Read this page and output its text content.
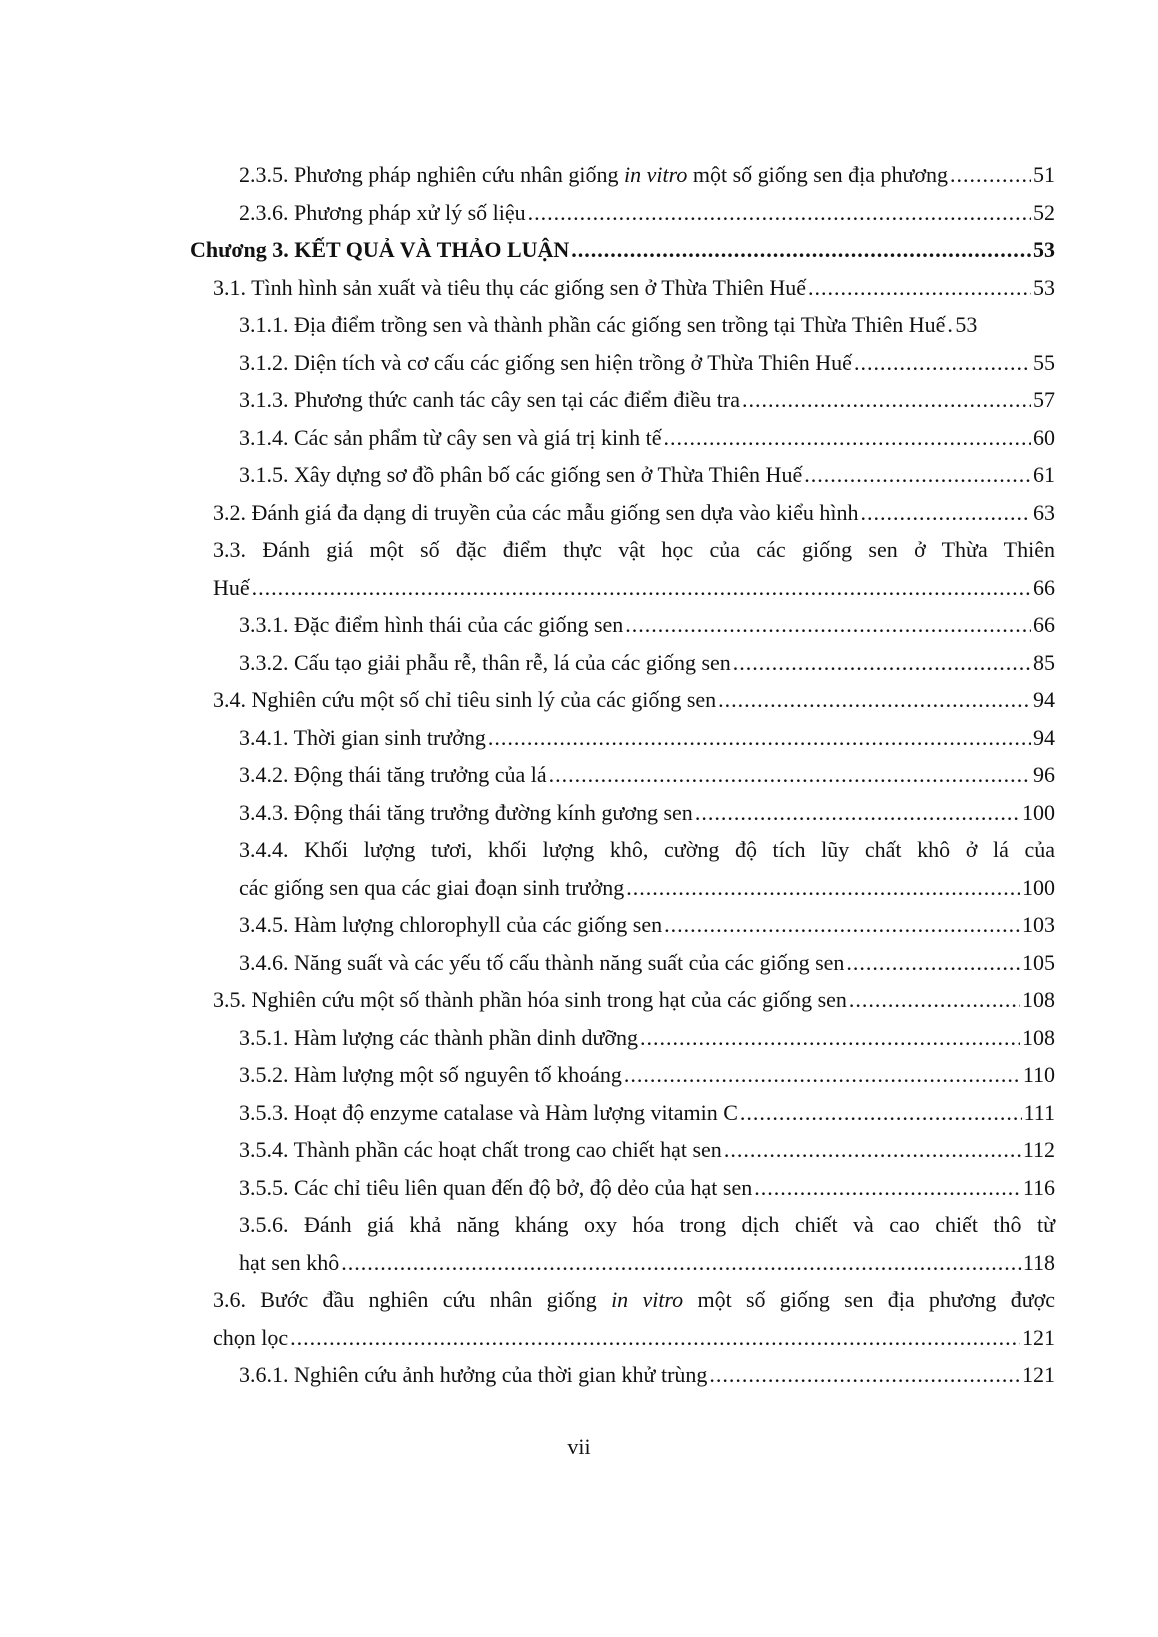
2.3.5. Phương pháp nghiên cứu nhân giống in vitro một số giống sen địa phương .....	51
2.3.6. Phương pháp xử lý số liệu .....	52
Chương 3. KẾT QUẢ VÀ THẢO LUẬN .....	53
3.1. Tình hình sản xuất và tiêu thụ các giống sen ở Thừa Thiên Huế .....	53
3.1.1. Địa điểm trồng sen và thành phần các giống sen trồng tại Thừa Thiên Huế ..... 53
3.1.2. Diện tích và cơ cấu các giống sen hiện trồng ở Thừa Thiên Huế .....	55
3.1.3. Phương thức canh tác cây sen tại các điểm điều tra .....	57
3.1.4. Các sản phẩm từ cây sen và giá trị kinh tế .....	60
3.1.5. Xây dựng sơ đồ phân bố các giống sen ở Thừa Thiên Huế .....	61
3.2. Đánh giá đa dạng di truyền của các mẫu giống sen dựa vào kiểu hình .....	63
3.3. Đánh giá một số đặc điểm thực vật học của các giống sen ở Thừa Thiên
Huế .....	66
3.3.1. Đặc điểm hình thái của các giống sen .....	66
3.3.2. Cấu tạo giải phẫu rễ, thân rễ, lá của các giống sen .....	85
3.4. Nghiên cứu một số chỉ tiêu sinh lý của các giống sen .....	94
3.4.1. Thời gian sinh trưởng .....	94
3.4.2. Động thái tăng trưởng của lá .....	96
3.4.3. Động thái tăng trưởng đường kính gương sen .....	100
3.4.4. Khối lượng tươi, khối lượng khô, cường độ tích lũy chất khô ở lá của
các giống sen qua các giai đoạn sinh trưởng .....	100
3.4.5. Hàm lượng chlorophyll của các giống sen .....	103
3.4.6. Năng suất và các yếu tố cấu thành năng suất của các giống sen .....	105
3.5. Nghiên cứu một số thành phần hóa sinh trong hạt của các giống sen .....	108
3.5.1. Hàm lượng các thành phần dinh dưỡng .....	108
3.5.2. Hàm lượng một số nguyên tố khoáng .....	110
3.5.3. Hoạt độ enzyme catalase và Hàm lượng vitamin C .....	111
3.5.4. Thành phần các hoạt chất trong cao chiết hạt sen .....	112
3.5.5. Các chỉ tiêu liên quan đến độ bở, độ dẻo của hạt sen .....	116
3.5.6. Đánh giá khả năng kháng oxy hóa trong dịch chiết và cao chiết thô từ
hạt sen khô .....	118
3.6. Bước đầu nghiên cứu nhân giống in vitro một số giống sen địa phương được
chọn lọc .....	121
3.6.1. Nghiên cứu ảnh hưởng của thời gian khử trùng .....	121
vii
